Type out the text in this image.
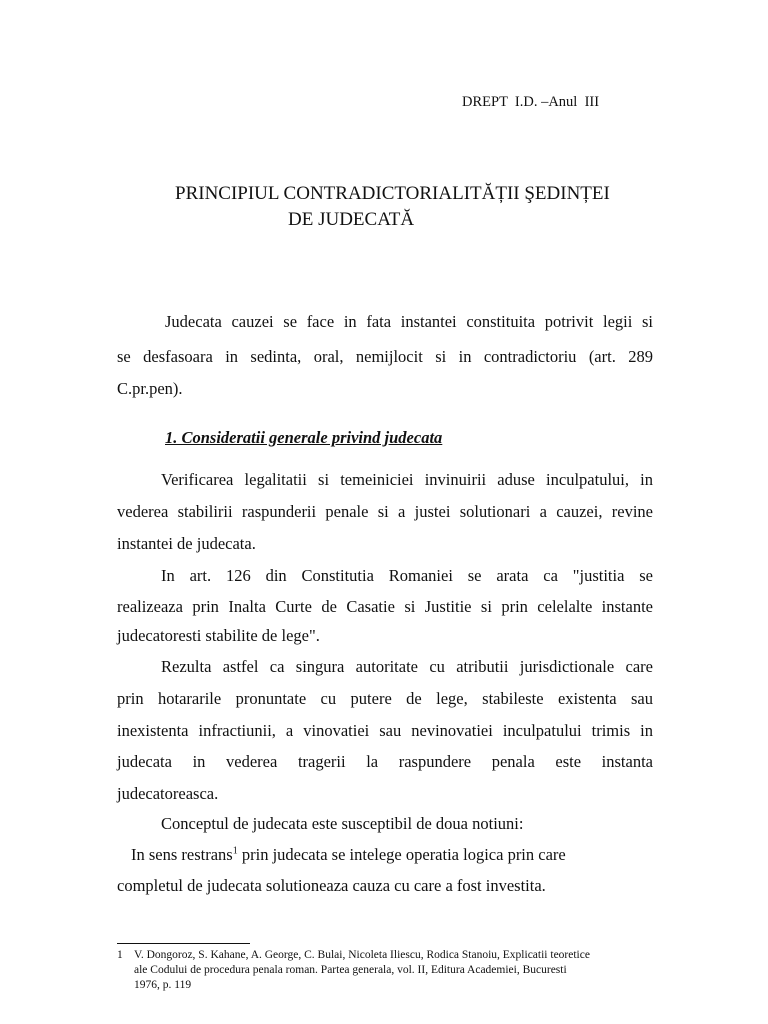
DREPT  I.D. –Anul  III
PRINCIPIUL CONTRADICTORIALITĂȚII ŞEDINȚEI
DE JUDECATĂ
Judecata cauzei se face in fata instantei constituita potrivit legii si
se desfasoara in sedinta, oral, nemijlocit si in contradictoriu (art. 289
C.pr.pen).
1. Consideratii generale privind judecata
Verificarea legalitatii si temeiniciei invinuirii aduse inculpatului, in
vederea stabilirii raspunderii penale si a justei solutionari a cauzei, revine
instantei de judecata.
In art. 126 din Constitutia Romaniei se arata ca "justitia se
realizeaza prin Inalta Curte de Casatie si Justitie si prin celelalte instante
judecatoresti stabilite de lege".
Rezulta astfel ca singura autoritate cu atributii jurisdictionale care
prin hotararile pronuntate cu putere de lege, stabileste existenta sau
inexistenta infractiunii, a vinovatiei sau nevinovatiei inculpatului trimis in
judecata in vederea tragerii la raspundere penala este instanta
judecatoreasca.
Conceptul de judecata este susceptibil de doua notiuni:
In sens restrans$^1$ prin judecata se intelege operatia logica prin care
completul de judecata solutioneaza cauza cu care a fost investita.
1 V. Dongoroz, S. Kahane, A. George, C. Bulai, Nicoleta Iliescu, Rodica Stanoiu, Explicatii teoretice
ale Codului de procedura penala roman. Partea generala, vol. II, Editura Academiei, Bucuresti
1976, p. 119
